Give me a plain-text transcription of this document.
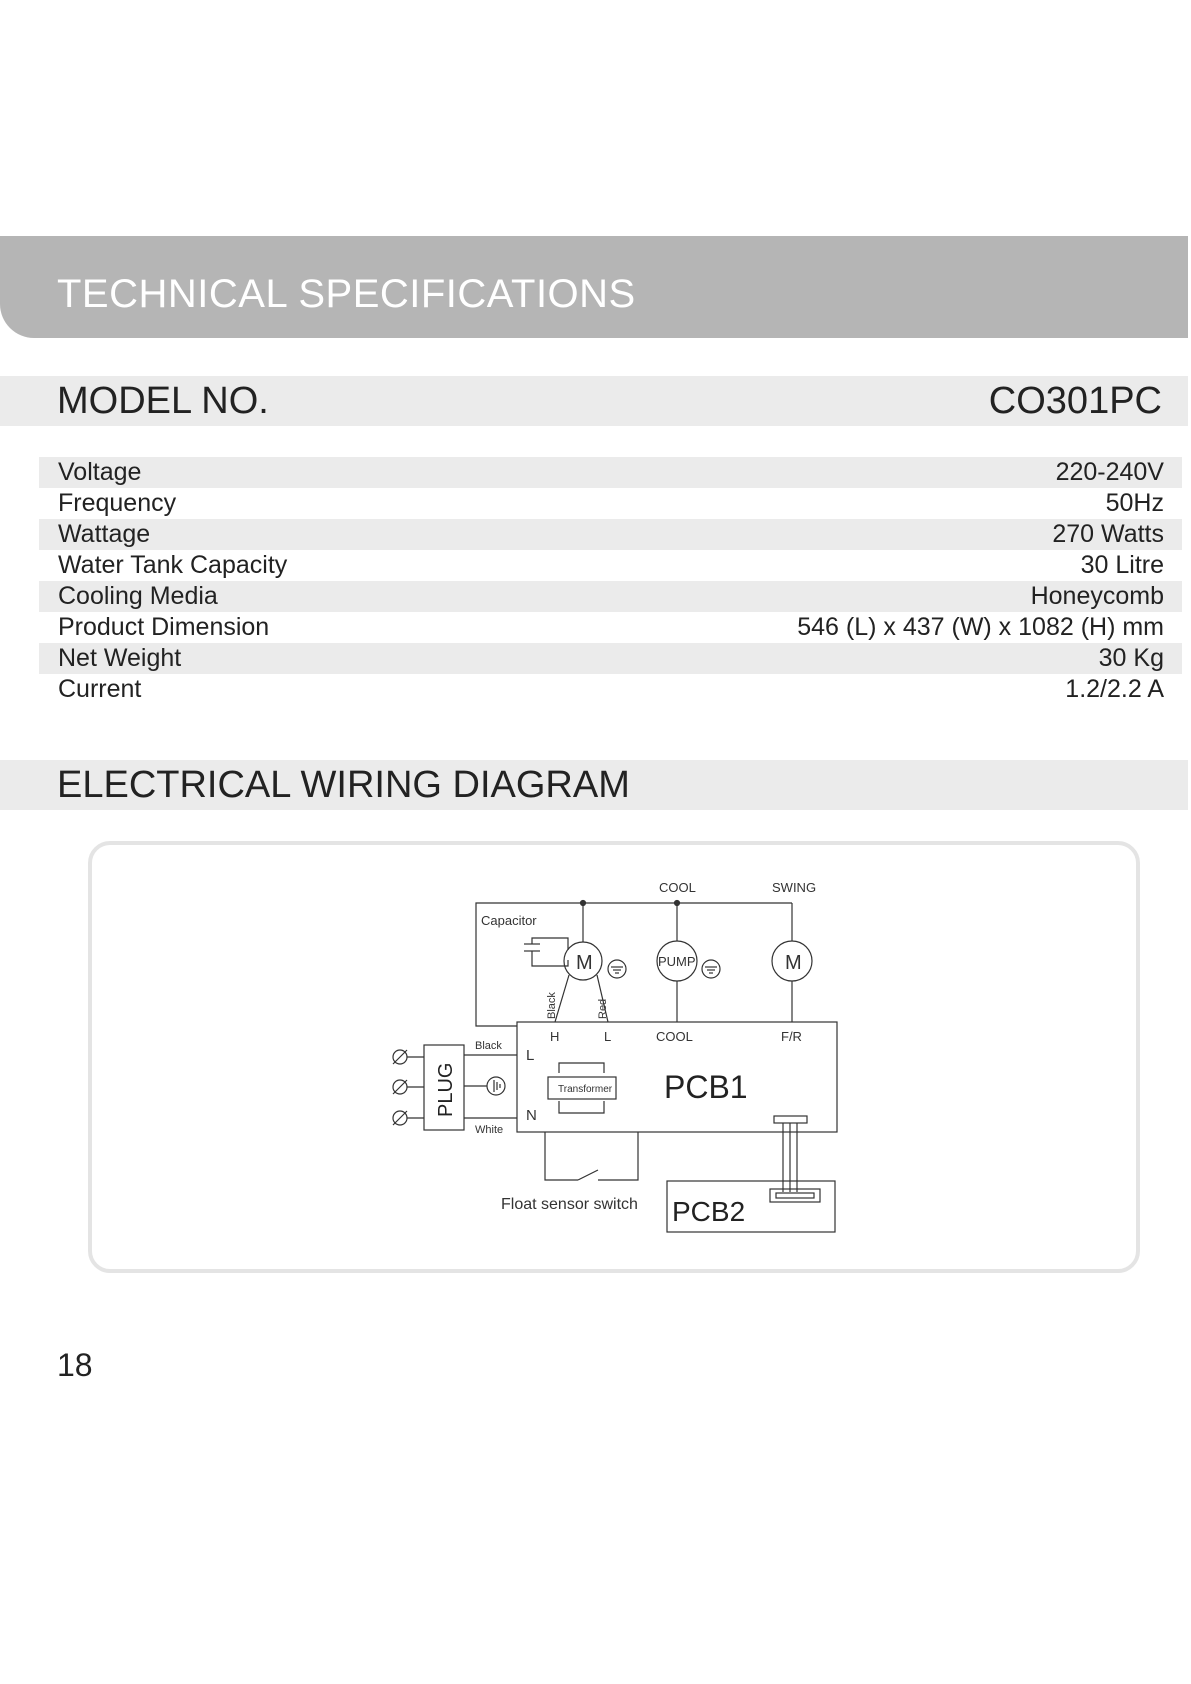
TECHNICAL SPECIFICATIONS
MODEL NO.	CO301PC
Voltage	220-240V
Frequency	50Hz
Wattage	270 Watts
Water Tank Capacity	30 Litre
Cooling Media	Honeycomb
Product Dimension	546 (L) x 437 (W) x 1082 (H) mm
Net Weight	30 Kg
Current	1.2/2.2 A
ELECTRICAL WIRING DIAGRAM
COOL	SWING
Capacitor
M
Black	Red
PUMP	M
H	L	COOL	F/R
L
N
Transformer PCB1
PCB2
Float sensor switch
PLUG
Black
White
18
